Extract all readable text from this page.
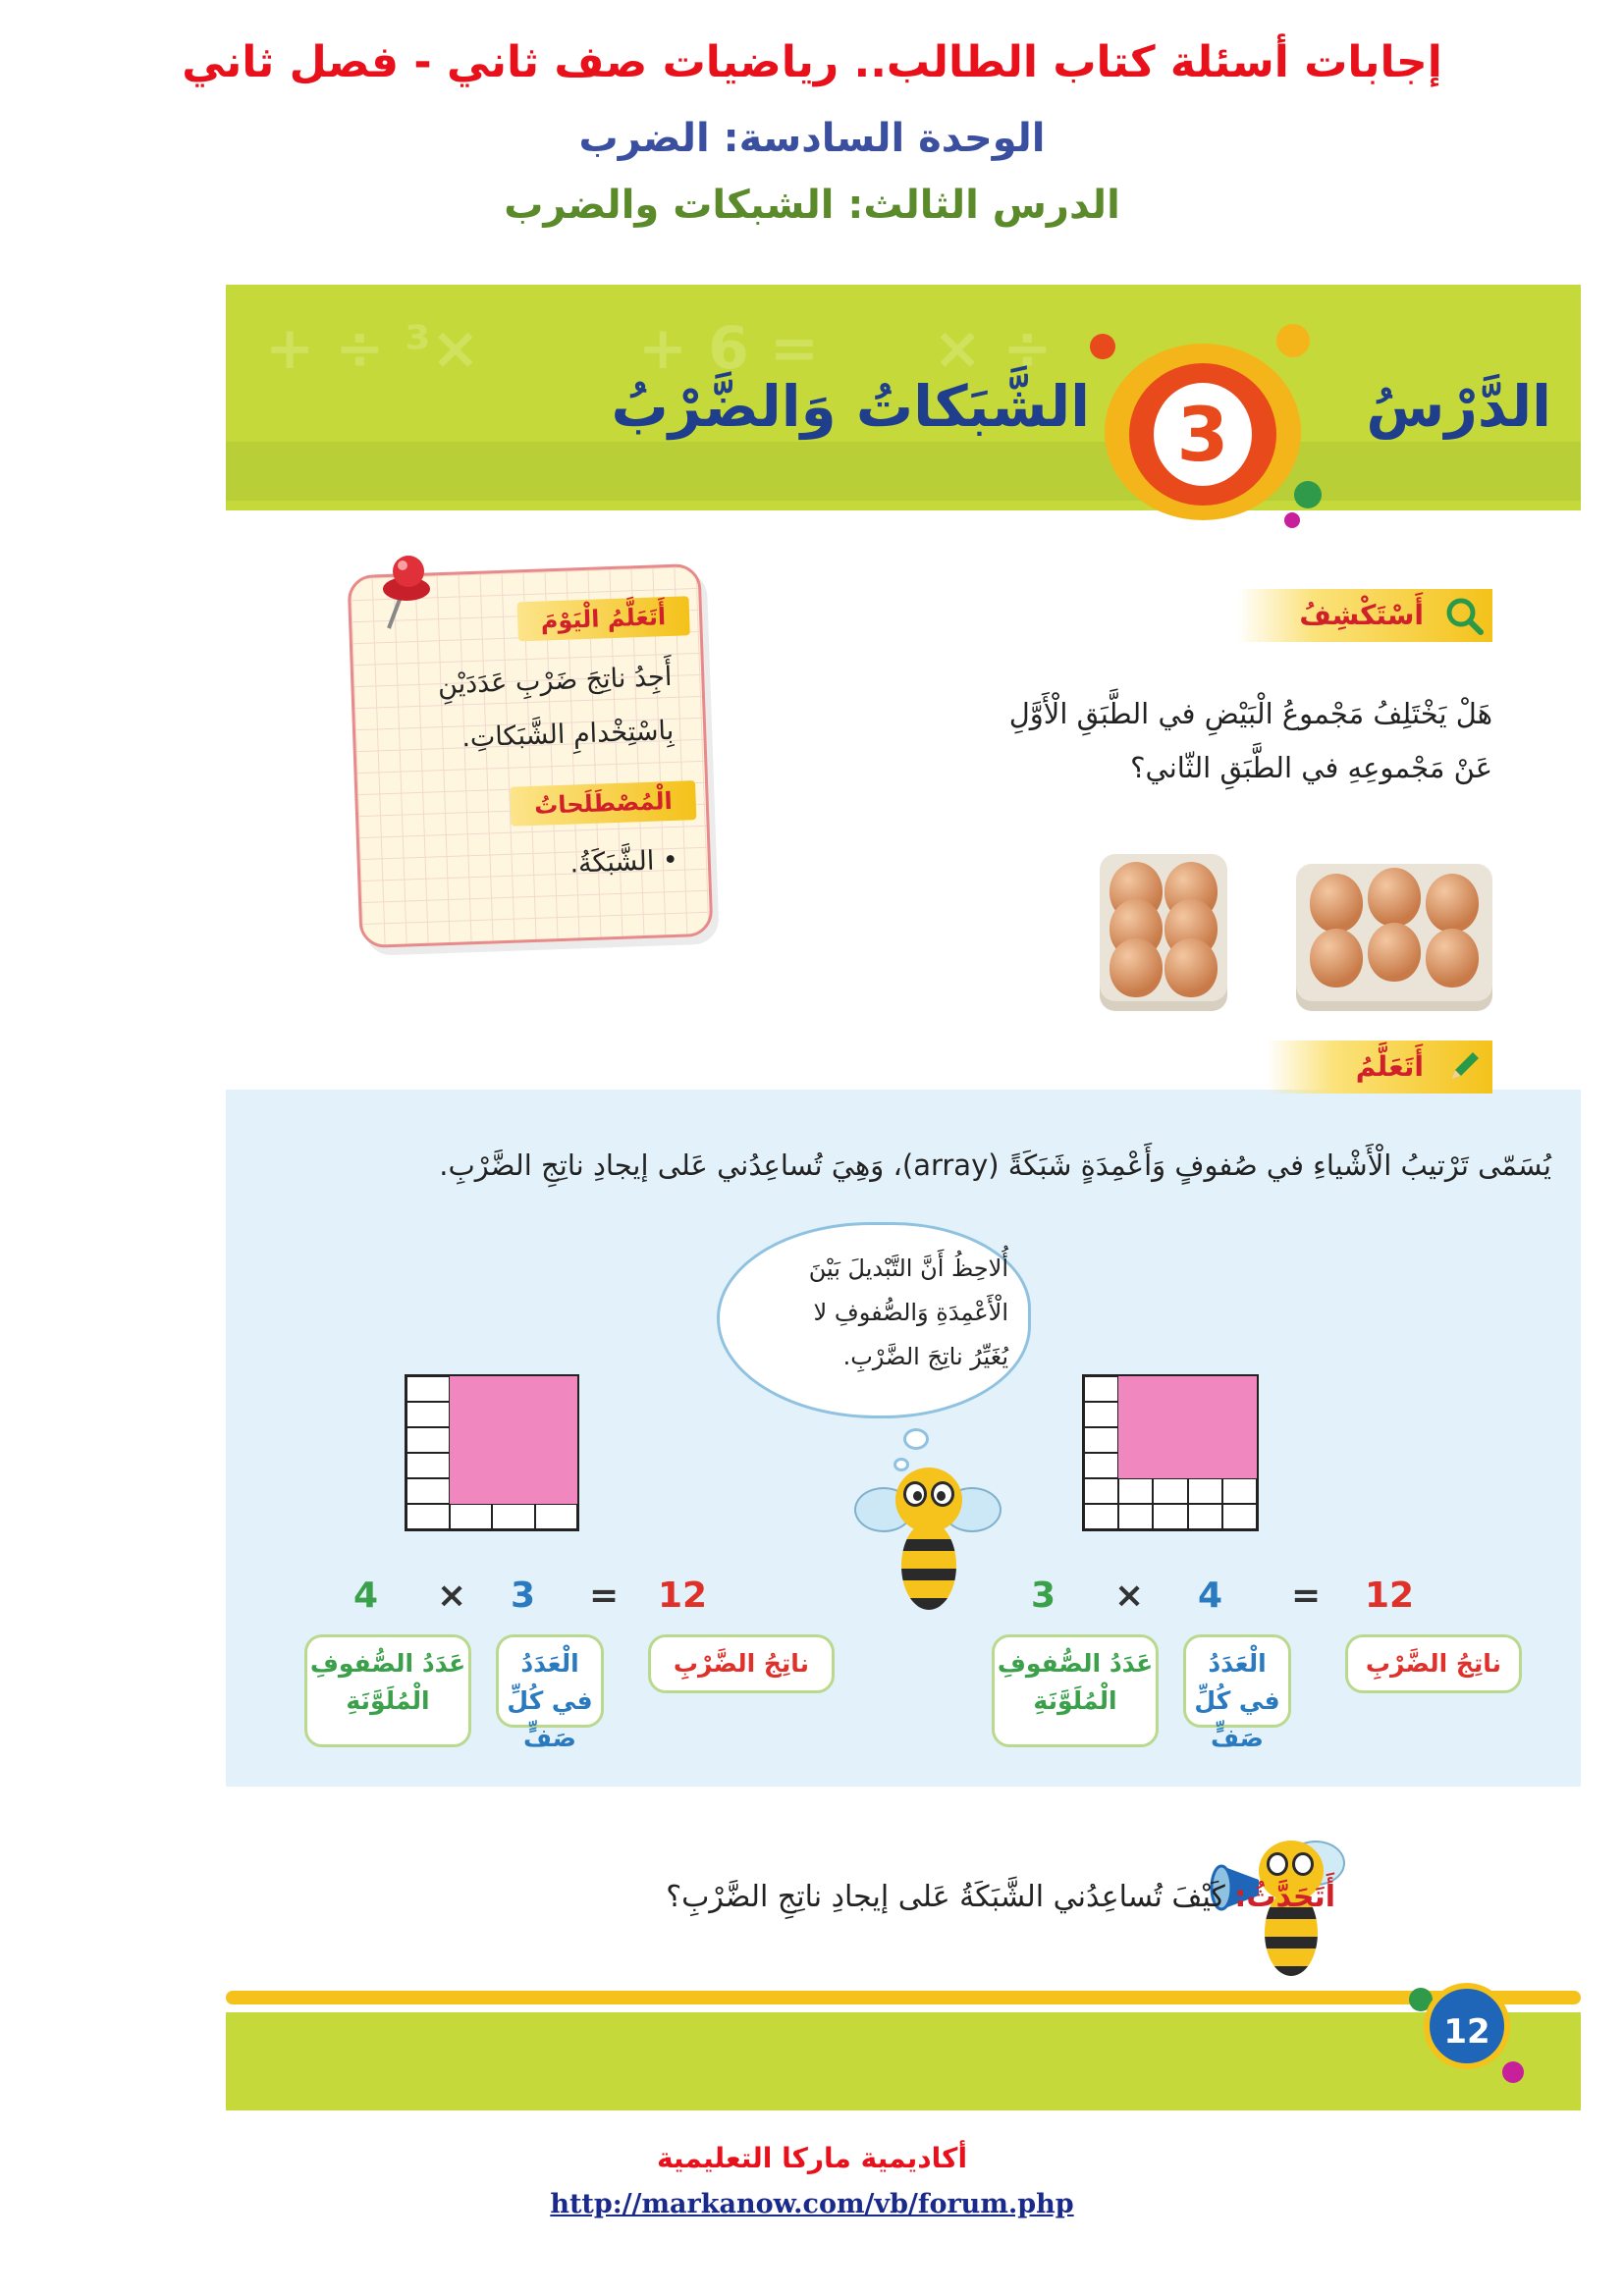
إجابات أسئلة كتاب الطالب.. رياضيات صف ثاني - فصل ثاني
الوحدة السادسة: الضرب
الدرس الثالث: الشبكات والضرب
×³ ÷ +	= 6 + ÷ ×
3	الدَّرْسُ
الشَّبَكاتُ وَالضَّرْبُ
أَسْتَكْشِفُ
هَلْ يَخْتَلِفُ مَجْموعُ الْبَيْضِ في الطَّبَقِ الْأَوَّلِ
عَنْ مَجْموعِهِ في الطَّبَقِ الثّاني؟
أَتَعَلَّمُ الْيَوْمَ
أَجِدُ ناتِجَ ضَرْبِ عَدَدَيْنِ
بِاسْتِخْدامِ الشَّبَكاتِ.
الْمُصْطَلَحاتُ
• الشَّبَكَةُ.
أَتَعَلَّمُ
يُسَمّى تَرْتيبُ الْأَشْياءِ في صُفوفٍ وَأَعْمِدَةٍ شَبَكَةً (array)، وَهِيَ تُساعِدُني عَلى إيجادِ ناتِجِ الضَّرْبِ.
أُلاحِظُ أَنَّ التَّبْديلَ بَيْنَ
الْأَعْمِدَةِ وَالصُّفوفِ لا
يُغَيِّرُ ناتِجَ الضَّرْبِ.
4 × 3 = 12	3 × 4 = 12
عَدَدُ الصُّفوفِ الْمُلَوَّنَةِ
الْعَدَدُ في كُلِّ صَفٍّ
ناتِجُ الضَّرْبِ	عَدَدُ الصُّفوفِ الْمُلَوَّنَةِ
الْعَدَدُ في كُلِّ صَفٍّ
ناتِجُ الضَّرْبِ
أَتَحَدَّثُ: كَيْفَ تُساعِدُني الشَّبَكَةُ عَلى إيجادِ ناتِجِ الضَّرْبِ؟
12
أكاديمية ماركا التعليمية
http://markanow.com/vb/forum.php
